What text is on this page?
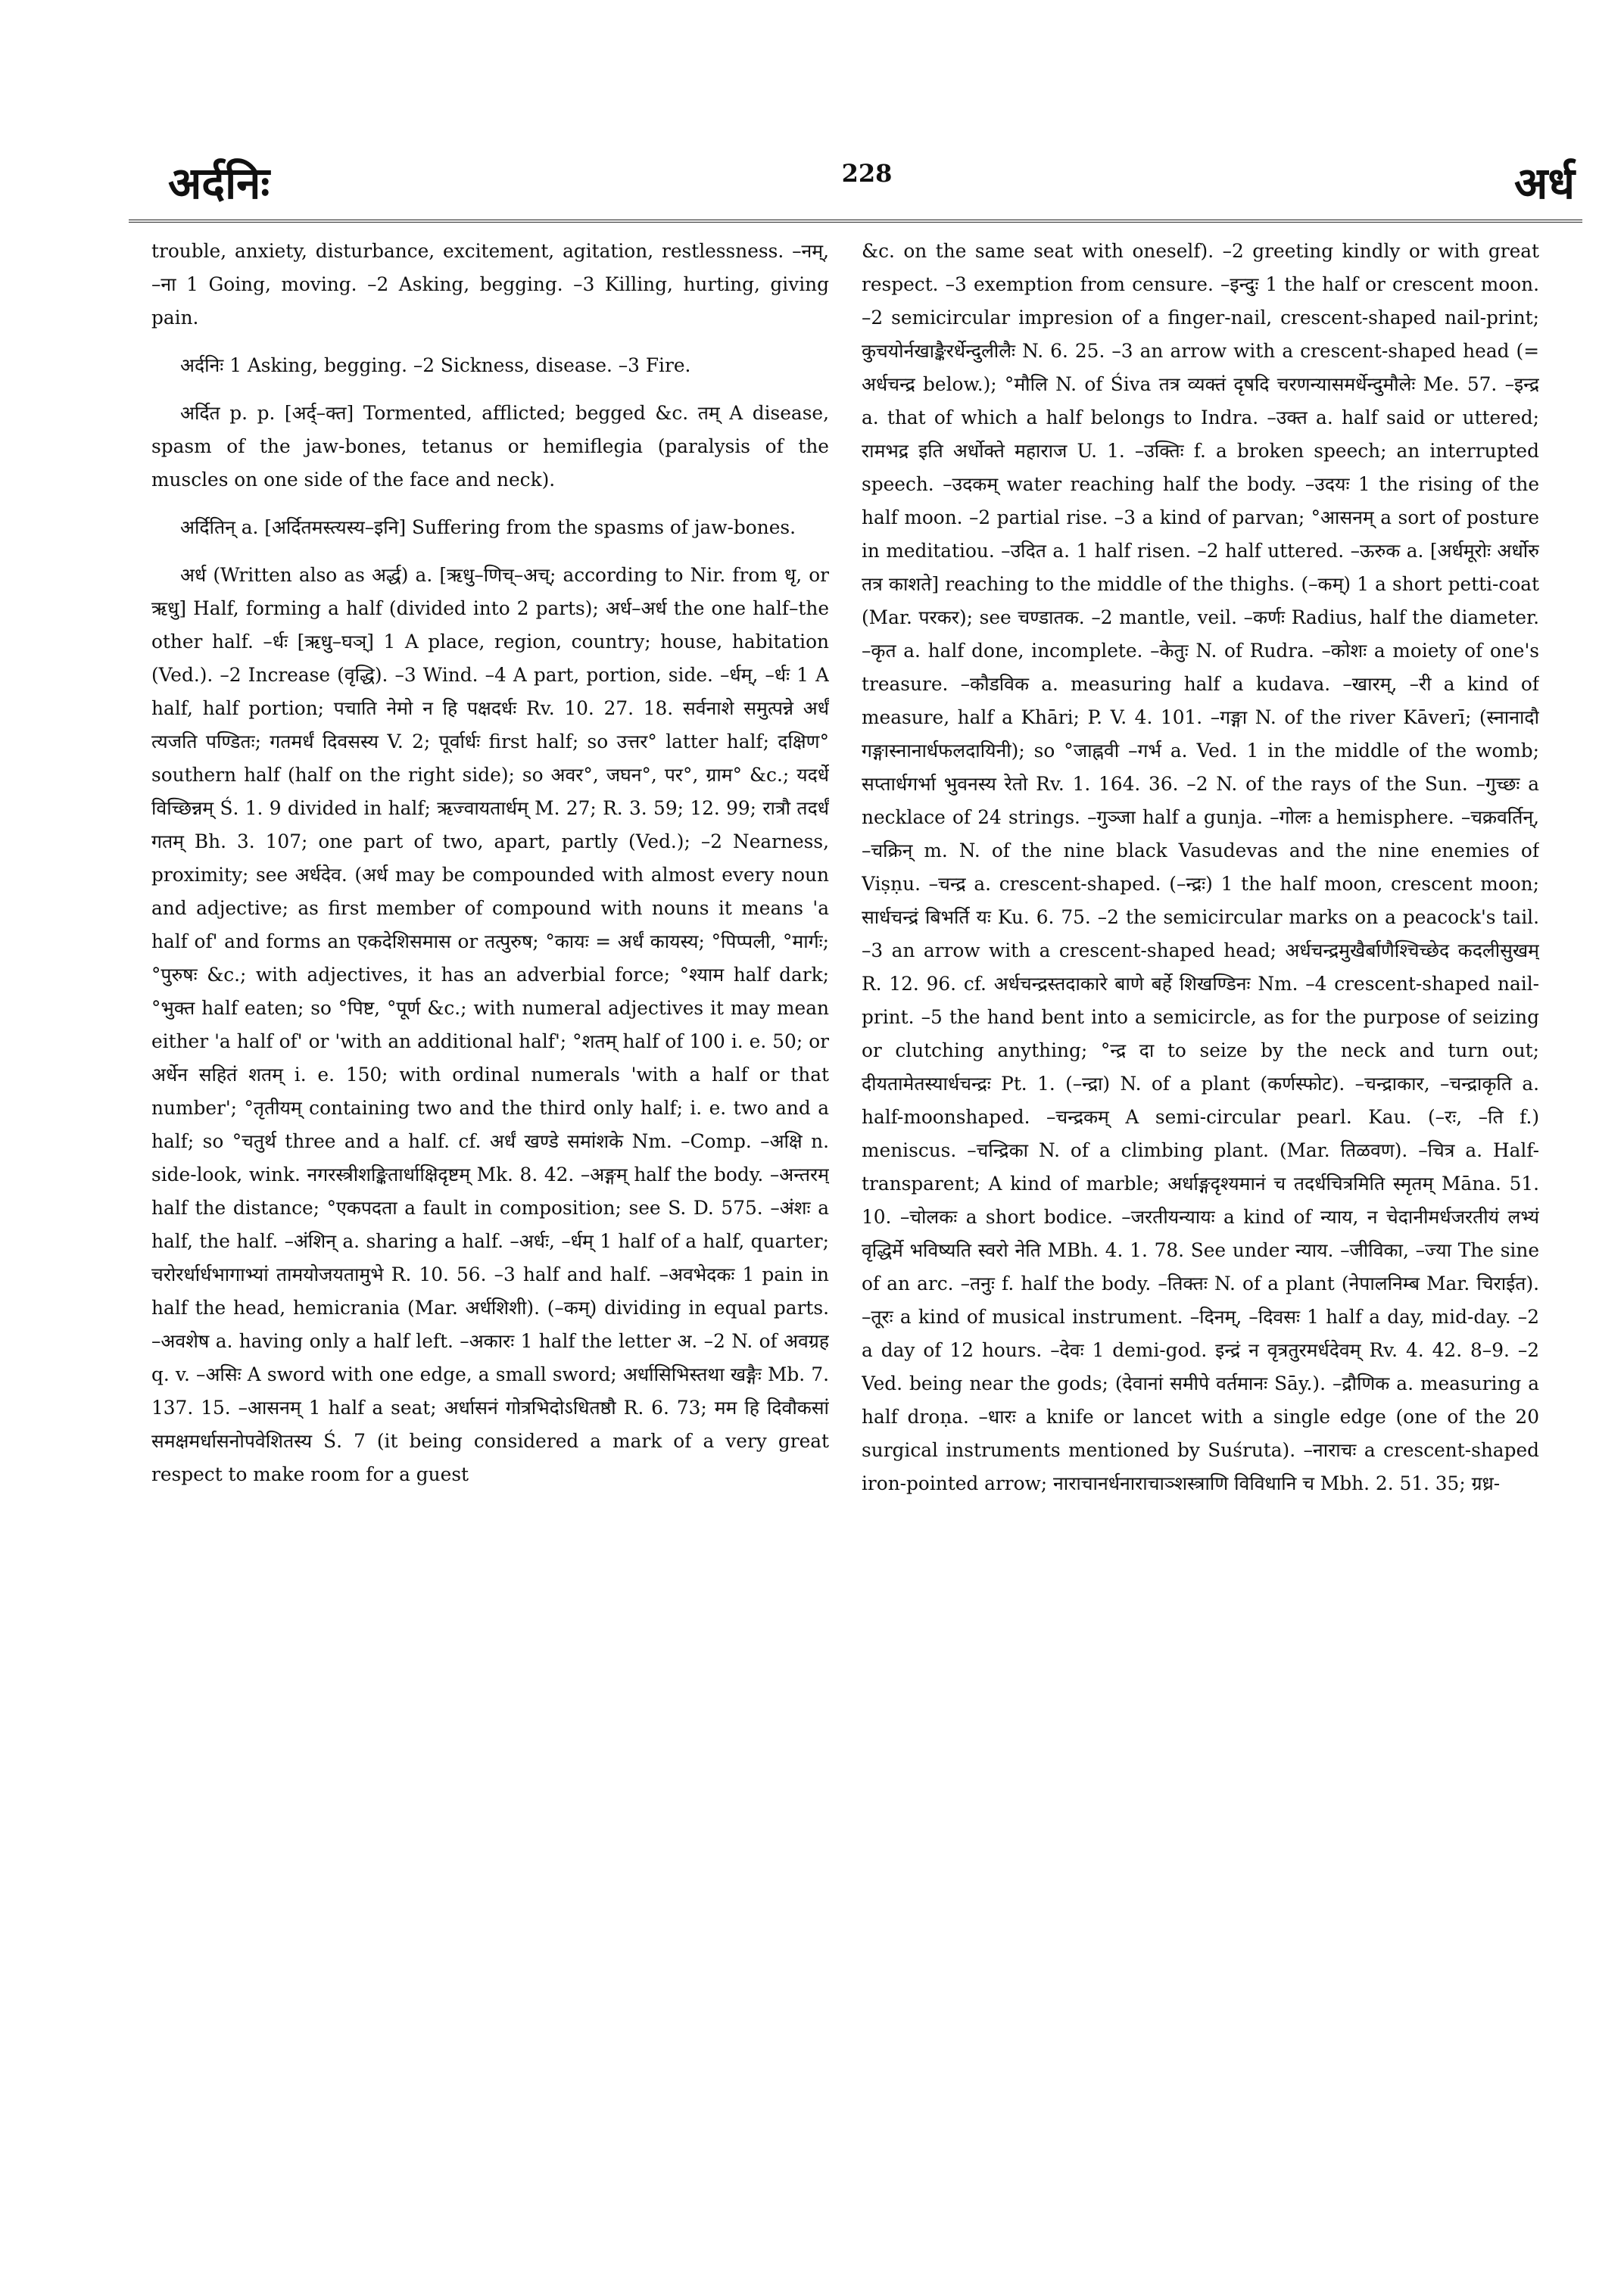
अर्दनिः	228	अर्ध

trouble, anxiety, disturbance, excitement, agitation, restlessness. –नम्, –ना 1 Going, moving. –2 Asking, begging. –3 Killing, hurting, giving pain.

अर्दनिः 1 Asking, begging. –2 Sickness, disease. –3 Fire.

अर्दित p. p. [अर्द्–क्त] Tormented, afflicted; begged &c. तम् A disease, spasm of the jaw-bones, tetanus or hemiflegia (paralysis of the muscles on one side of the face and neck).

अर्दितिन् a. [अर्दितमस्त्यस्य–इनि] Suffering from the spasms of jaw-bones.

अर्ध (Written also as अर्द्ध) a. [ऋधु–णिच्–अच्; according to Nir. from धृ, or ऋधु] Half, forming a half (divided into 2 parts); अर्ध–अर्ध the one half–the other half. –र्धः [ऋधु–घञ्] 1 A place, region, country; house, habitation (Ved.). –2 Increase (वृद्धि). –3 Wind. –4 A part, portion, side. –र्धम्, –र्धः 1 A half, half portion; पचाति नेमो न हि पक्षदर्धः Rv. 10. 27. 18. सर्वनाशे समुत्पन्ने अर्धं त्यजति पण्डितः; गतमर्धं दिवसस्य V. 2; पूर्वार्धः first half; so उत्तर° latter half; दक्षिण° southern half (half on the right side); so अवर°, जघन°, पर°, ग्राम° &c.; यदर्धे विच्छिन्नम् Ś. 1. 9 divided in half; ऋज्वायतार्धम् M. 27; R. 3. 59; 12. 99; रात्रौ तदर्धं गतम् Bh. 3. 107; one part of two, apart, partly (Ved.); –2 Nearness, proximity; see अर्धदेव. (अर्ध may be compounded with almost every noun and adjective; as first member of compound with nouns it means 'a half of' and forms an एकदेशिसमास or तत्पुरुष; °कायः = अर्धं कायस्य; °पिप्पली, °मार्गः; °पुरुषः &c.; with adjectives, it has an adverbial force; °श्याम half dark; °भुक्त half eaten; so °पिष्ट, °पूर्ण &c.; with numeral adjectives it may mean either 'a half of' or 'with an additional half'; °शतम् half of 100 i. e. 50; or अर्धेन सहितं शतम् i. e. 150; with ordinal numerals 'with a half or that number'; °तृतीयम् containing two and the third only half; i. e. two and a half; so °चतुर्थ three and a half. cf. अर्धं खण्डे समांशके Nm. –Comp. –अक्षि n. side-look, wink. नगरस्त्रीशङ्कितार्धाक्षिदृष्टम् Mk. 8. 42. –अङ्गम् half the body. –अन्तरम् half the distance; °एकपदता a fault in composition; see S. D. 575. –अंशः a half, the half. –अंशिन् a. sharing a half. –अर्धः, –र्धम् 1 half of a half, quarter; चरोरर्धार्धभागाभ्यां तामयोजयतामुभे R. 10. 56. –3 half and half. –अवभेदकः 1 pain in half the head, hemicrania (Mar. अर्धशिशी). (–कम्) dividing in equal parts. –अवशेष a. having only a half left. –अकारः 1 half the letter अ. –2 N. of अवग्रह q. v. –असिः A sword with one edge, a small sword; अर्धासिभिस्तथा खङ्गैः Mb. 7. 137. 15. –आसनम् 1 half a seat; अर्धासनं गोत्रभिदोऽधितष्ठौ R. 6. 73; मम हि दिवौकसां समक्षमर्धासनोपवेशितस्य Ś. 7 (it being considered a mark of a very great respect to make room for a guest

&c. on the same seat with oneself). –2 greeting kindly or with great respect. –3 exemption from censure. –इन्दुः 1 the half or crescent moon. –2 semicircular impresion of a finger-nail, crescent-shaped nail-print; कुचयोर्नखाङ्कैरर्धेन्दुलीलैः N. 6. 25. –3 an arrow with a crescent-shaped head (= अर्धचन्द्र below.); °मौलि N. of Śiva तत्र व्यक्तं दृषदि चरणन्यासमर्धेन्दुमौलेः Me. 57. –इन्द्र a. that of which a half belongs to Indra. –उक्त a. half said or uttered; रामभद्र इति अर्धोक्ते महाराज U. 1. –उक्तिः f. a broken speech; an interrupted speech. –उदकम् water reaching half the body. –उदयः 1 the rising of the half moon. –2 partial rise. –3 a kind of parvan; °आसनम् a sort of posture in meditatiou. –उदित a. 1 half risen. –2 half uttered. –ऊरुक a. [अर्धमूरोः अर्धोरु तत्र काशते] reaching to the middle of the thighs. (–कम्) 1 a short petti-coat (Mar. परकर); see चण्डातक. –2 mantle, veil. –कर्णः Radius, half the diameter. –कृत a. half done, incomplete. –केतुः N. of Rudra. –कोशः a moiety of one's treasure. –कौडविक a. measuring half a kudava. –खारम्, –री a kind of measure, half a Khāri; P. V. 4. 101. –गङ्गा N. of the river Kāverī; (स्नानादौ गङ्गास्नानार्धफलदायिनी); so °जाह्नवी –गर्भ a. Ved. 1 in the middle of the womb; सप्तार्धगर्भा भुवनस्य रेतो Rv. 1. 164. 36. –2 N. of the rays of the Sun. –गुच्छः a necklace of 24 strings. –गुञ्जा half a gunja. –गोलः a hemisphere. –चक्रवर्तिन्, –चक्रिन् m. N. of the nine black Vasudevas and the nine enemies of Viṣṇu. –चन्द्र a. crescent-shaped. (–न्द्रः) 1 the half moon, crescent moon; सार्धचन्द्रं बिभर्ति यः Ku. 6. 75. –2 the semicircular marks on a peacock's tail. –3 an arrow with a crescent-shaped head; अर्धचन्द्रमुखैर्बाणैश्चिच्छेद कदलीसुखम् R. 12. 96. cf. अर्धचन्द्रस्तदाकारे बाणे बर्हे शिखण्डिनः Nm. –4 crescent-shaped nail-print. –5 the hand bent into a semicircle, as for the purpose of seizing or clutching anything; °न्द्र दा to seize by the neck and turn out; दीयतामेतस्यार्धचन्द्रः Pt. 1. (–न्द्रा) N. of a plant (कर्णस्फोट). –चन्द्राकार, –चन्द्राकृति a. half-moonshaped. –चन्द्रकम् A semi-circular pearl. Kau. (–रः, –ति f.) meniscus. –चन्द्रिका N. of a climbing plant. (Mar. तिळवण). –चित्र a. Half-transparent; A kind of marble; अर्धाङ्गदृश्यमानं च तदर्धचित्रमिति स्मृतम् Māna. 51. 10. –चोलकः a short bodice. –जरतीयन्यायः a kind of न्याय, न चेदानीमर्धजरतीयं लभ्यं वृद्धिर्मे भविष्यति स्वरो नेति MBh. 4. 1. 78. See under न्याय. –जीविका, –ज्या The sine of an arc. –तनुः f. half the body. –तिक्तः N. of a plant (नेपालनिम्ब Mar. चिराईत). –तूरः a kind of musical instrument. –दिनम्, –दिवसः 1 half a day, mid-day. –2 a day of 12 hours. –देवः 1 demi-god. इन्द्रं न वृत्रतुरमर्धदेवम् Rv. 4. 42. 8–9. –2 Ved. being near the gods; (देवानां समीपे वर्तमानः Sāy.). –द्रौणिक a. measuring a half droṇa. –धारः a knife or lancet with a single edge (one of the 20 surgical instruments mentioned by Suśruta). –नाराचः a crescent-shaped iron-pointed arrow; नाराचानर्धनाराचाञ्शस्त्राणि विविधानि च Mbh. 2. 51. 35; ग्रध्र-
